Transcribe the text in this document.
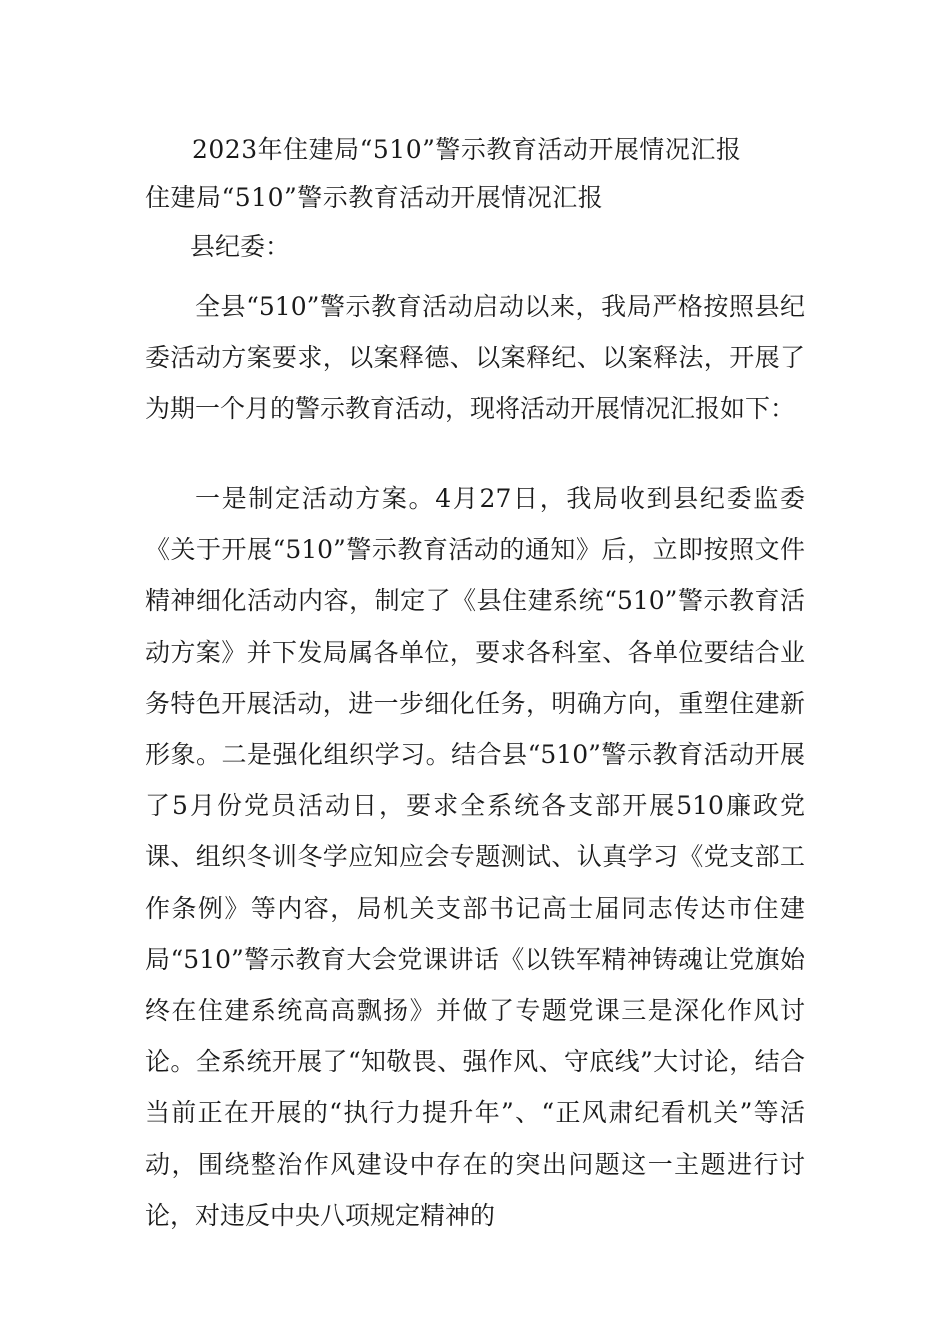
2023年住建局“510”警示教育活动开展情况汇报
住建局“510”警示教育活动开展情况汇报
县纪委：

全县“510”警示教育活动启动以来，我局严格按照县纪委活动方案要求，以案释德、以案释纪、以案释法，开展了为期一个月的警示教育活动，现将活动开展情况汇报如下：

一是制定活动方案。4月27日，我局收到县纪委监委《关于开展“510”警示教育活动的通知》后，立即按照文件精神细化活动内容，制定了《县住建系统“510”警示教育活动方案》并下发局属各单位，要求各科室、各单位要结合业务特色开展活动，进一步细化任务，明确方向，重塑住建新形象。二是强化组织学习。结合县“510”警示教育活动开展了5月份党员活动日，要求全系统各支部开展510廉政党课、组织冬训冬学应知应会专题测试、认真学习《党支部工作条例》等内容，局机关支部书记高士届同志传达市住建局“510”警示教育大会党课讲话《以铁军精神铸魂让党旗始终在住建系统高高飘扬》并做了专题党课三是深化作风讨论。全系统开展了“知敬畏、强作风、守底线”大讨论，结合当前正在开展的“执行力提升年”、“正风肃纪看机关”等活动，围绕整治作风建设中存在的突出问题这一主题进行讨论，对违反中央八项规定精神的
